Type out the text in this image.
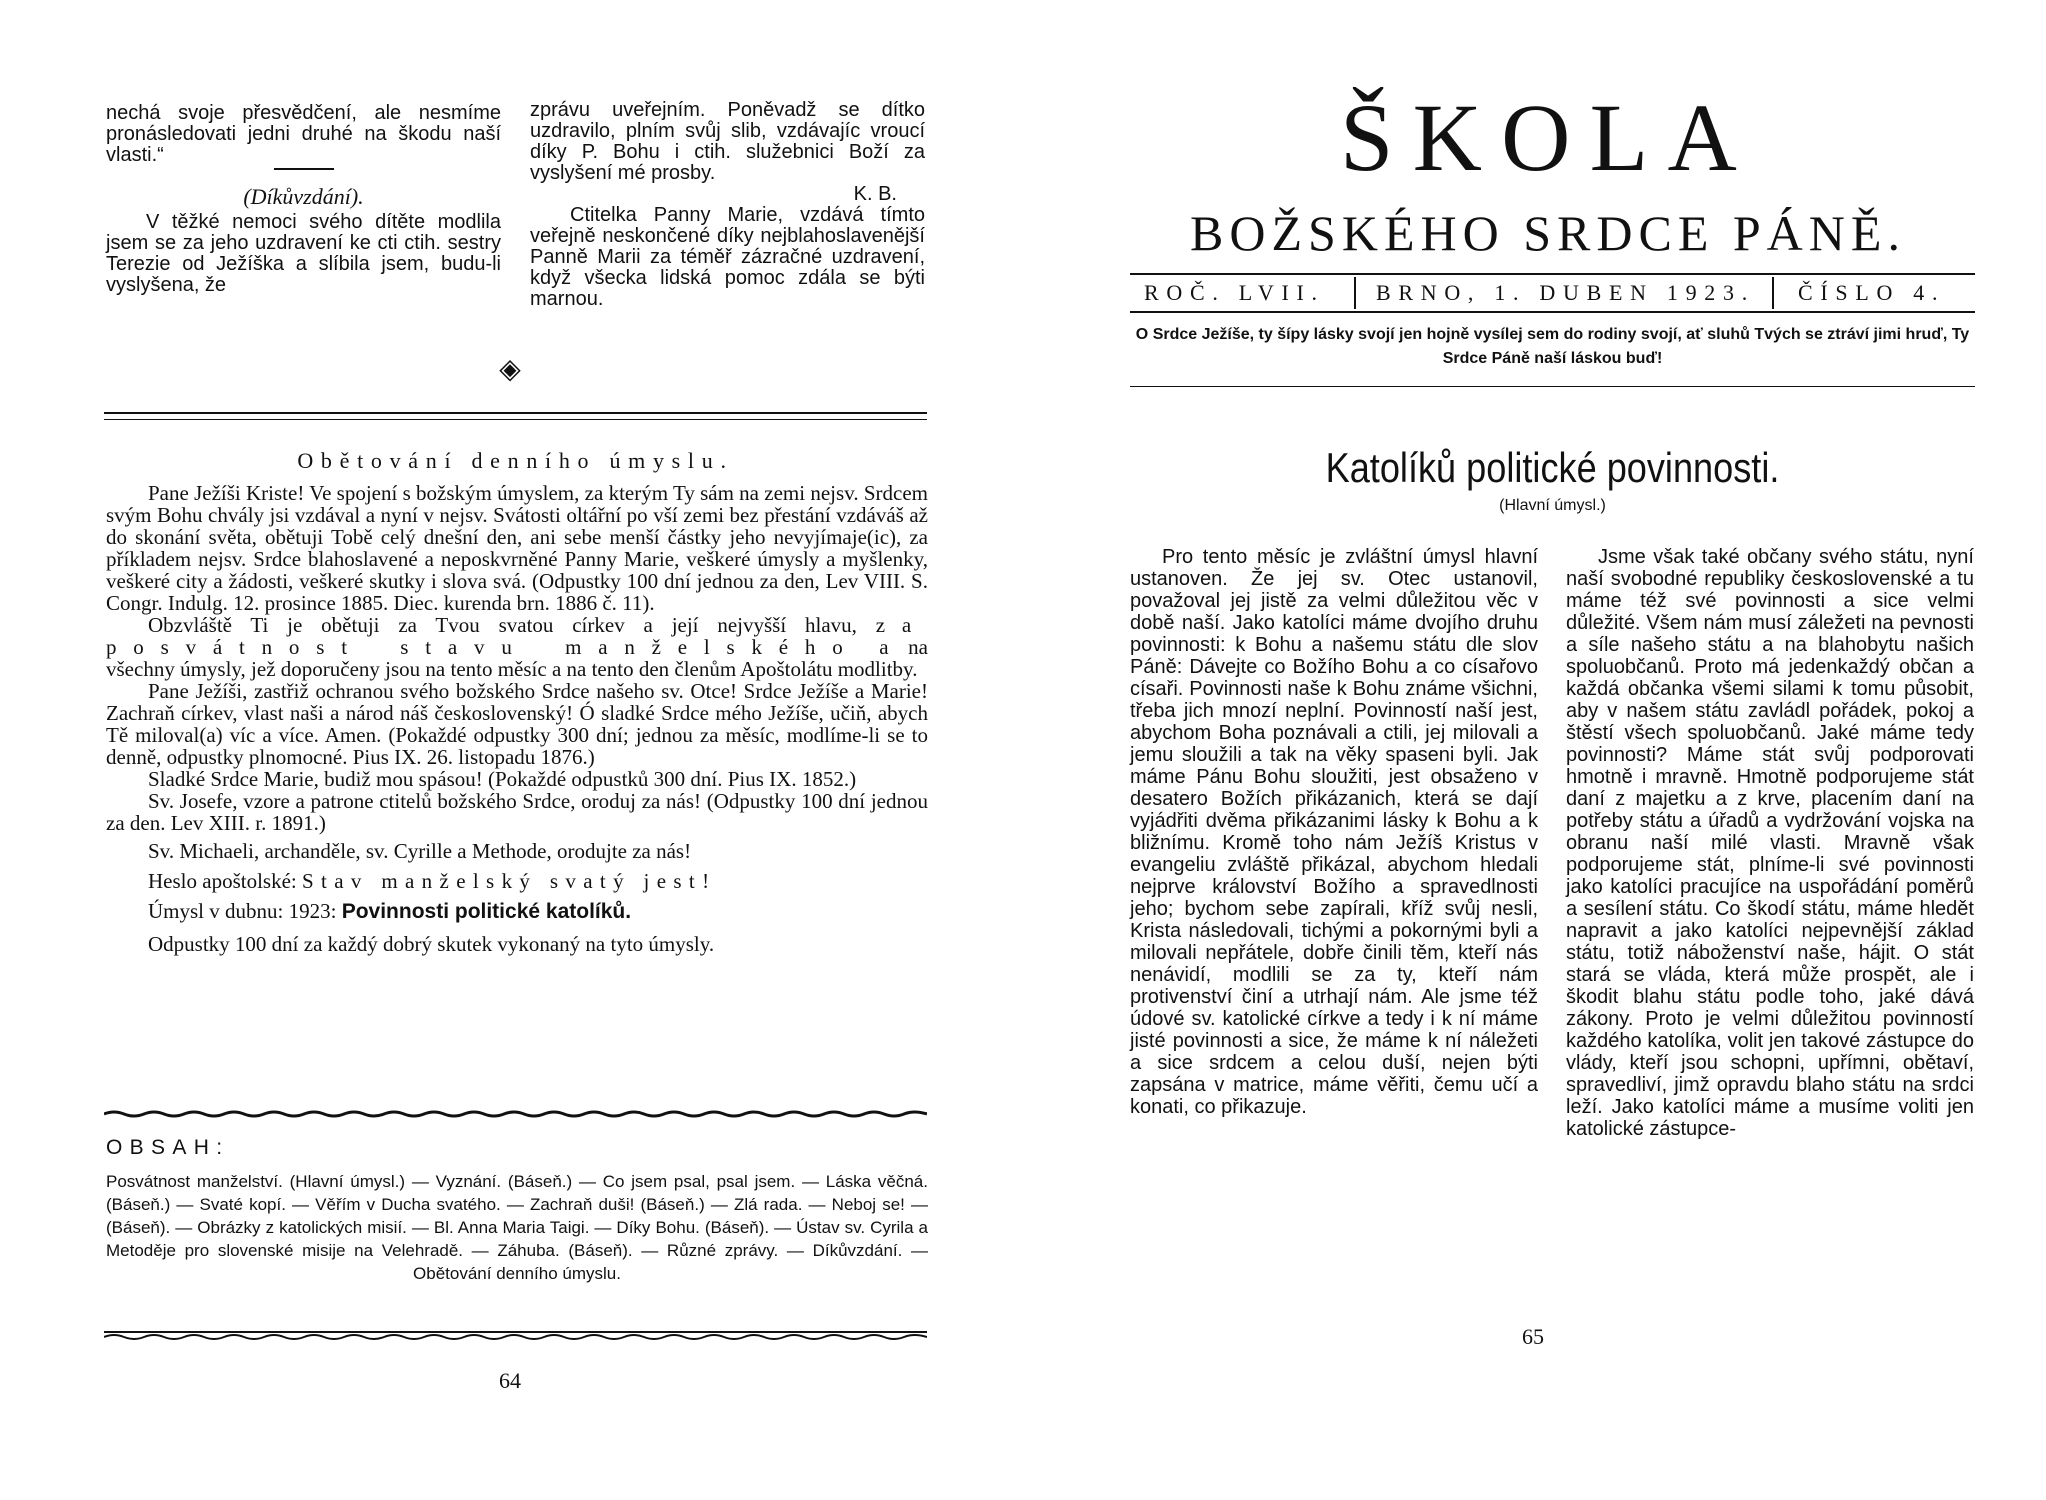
nechá svoje přesvědčení, ale nesmíme pronásledovati jedni druhé na škodu naší vlasti.“

(Díkůvzdání).

V těžké nemoci svého dítěte modlila jsem se za jeho uzdravení ke cti ctih. sestry Terezie od Ježíška a slíbila jsem, budu-li vyslyšena, že

zprávu uveřejním. Poněvadž se dítko uzdravilo, plním svůj slib, vzdávajíc vroucí díky P. Bohu i ctih. služebnici Boží za vyslyšení mé prosby.

K. B.

Ctitelka Panny Marie, vzdává tímto veřejně neskončené díky nejblahoslavenější Panně Marii za téměř zázračné uzdravení, když všecka lidská pomoc zdála se býti marnou.

◈
Obětování denního úmyslu.

Pane Ježíši Kriste! Ve spojení s božským úmyslem, za kterým Ty sám na zemi nejsv. Srdcem svým Bohu chvály jsi vzdával a nyní v nejsv. Svátosti oltářní po vší zemi bez přestání vzdáváš až do skonání světa, obětuji Tobě celý dnešní den, ani sebe menší částky jeho nevyjímaje(ic), za příkladem nejsv. Srdce blahoslavené a neposkvrněné Panny Marie, veškeré úmysly a myšlenky, veškeré city a žádosti, veškeré skutky i slova svá. (Odpustky 100 dní jednou za den, Lev VIII. S. Congr. Indulg. 12. prosince 1885. Diec. kurenda brn. 1886 č. 11).

Obzvláště Ti je obětuji za Tvou svatou církev a její nejvyšší hlavu, za posvátnost stavu manželského a na všechny úmysly, jež doporučeny jsou na tento měsíc a na tento den členům Apoštolátu modlitby.

Pane Ježíši, zastřiž ochranou svého božského Srdce našeho sv. Otce! Srdce Ježíše a Marie! Zachraň církev, vlast naši a národ náš československý! Ó sladké Srdce mého Ježíše, učiň, abych Tě miloval(a) víc a více. Amen. (Pokaždé odpustky 300 dní; jednou za měsíc, modlíme-li se to denně, odpustky plnomocné. Pius IX. 26. listopadu 1876.)

Sladké Srdce Marie, budiž mou spásou! (Pokaždé odpustků 300 dní. Pius IX. 1852.)

Sv. Josefe, vzore a patrone ctitelů božského Srdce, oroduj za nás! (Odpustky 100 dní jednou za den. Lev XIII. r. 1891.)

Sv. Michaeli, archanděle, sv. Cyrille a Methode, orodujte za nás!

Heslo apoštolské: Stav manželský svatý jest!

Úmysl v dubnu: 1923: Povinnosti politické katolíků.

Odpustky 100 dní za každý dobrý skutek vykonaný na tyto úmysly.

OBSAH:

Posvátnost manželství. (Hlavní úmysl.) — Vyznání. (Báseň.) — Co jsem psal, psal jsem. — Láska věčná. (Báseň.) — Svaté kopí. — Věřím v Ducha svatého. — Zachraň duši! (Báseň.) — Zlá rada. — Neboj se! — (Báseň). — Obrázky z katolických misií. — Bl. Anna Maria Taigi. — Díky Bohu. (Báseň). — Ústav sv. Cyrila a Metoděje pro slovenské misije na Velehradě. — Záhuba. (Báseň). — Různé zprávy. — Díkůvzdání. — Obětování denního úmyslu.

64
ŠKOLA
BOŽSKÉHO SRDCE PÁNĚ.
ROČ. LVII. BRNO, 1. DUBEN 1923. ČÍSLO 4.
O Srdce Ježíše, ty šípy lásky svojí jen hojně vysílej sem do rodiny svojí, ať sluhů Tvých se ztráví jimi hruď, Ty Srdce Páně naší láskou buď!
Katolíků politické povinnosti.
(Hlavní úmysl.)

Pro tento měsíc je zvláštní úmysl hlavní ustanoven. Že jej sv. Otec ustanovil, považoval jej jistě za velmi důležitou věc v době naší. Jako katolíci máme dvojího druhu povinnosti: k Bohu a našemu státu dle slov Páně: Dávejte co Božího Bohu a co císařovo císaři. Povinnosti naše k Bohu známe všichni, třeba jich mnozí neplní. Povinností naší jest, abychom Boha poznávali a ctili, jej milovali a jemu sloužili a tak na věky spaseni byli. Jak máme Pánu Bohu sloužiti, jest obsaženo v desatero Božích přikázanich, která se dají vyjádřiti dvěma přikázanimi lásky k Bohu a k bližnímu. Kromě toho nám Ježíš Kristus v evangeliu zvláště přikázal, abychom hledali nejprve království Božího a spravedlnosti jeho; bychom sebe zapírali, kříž svůj nesli, Krista následovali, tichými a pokornými byli a milovali nepřátele, dobře činili těm, kteří nás nenávidí, modlili se za ty, kteří nám protivenství činí a utrhají nám. Ale jsme též údové sv. katolické církve a tedy i k ní máme jisté povinnosti a sice, že máme k ní náležeti a sice srdcem a celou duší, nejen býti zapsána v matrice, máme věřiti, čemu učí a konati, co přikazuje.

Jsme však také občany svého státu, nyní naší svobodné republiky československé a tu máme též své povinnosti a sice velmi důležité. Všem nám musí záležeti na pevnosti a síle našeho státu a na blahobytu našich spoluobčanů. Proto má jedenkaždý občan a každá občanka všemi silami k tomu působit, aby v našem státu zavládl pořádek, pokoj a štěstí všech spoluobčanů. Jaké máme tedy povinnosti? Máme stát svůj podporovati hmotně i mravně. Hmotně podporujeme stát daní z majetku a z krve, placením daní na potřeby státu a úřadů a vydržování vojska na obranu naší milé vlasti. Mravně však podporujeme stát, plníme-li své povinnosti jako katolíci pracujíce na uspořádání poměrů a sesílení státu. Co škodí státu, máme hledět napravit a jako katolíci nejpevnější základ státu, totiž náboženství naše, hájit. O stát stará se vláda, která může prospět, ale i škodit blahu státu podle toho, jaké dává zákony. Proto je velmi důležitou povinností každého katolíka, volit jen takové zástupce do vlády, kteří jsou schopni, upřímni, obětaví, spravedliví, jimž opravdu blaho státu na srdci leží. Jako katolíci máme a musíme voliti jen katolické zástupce-

65
